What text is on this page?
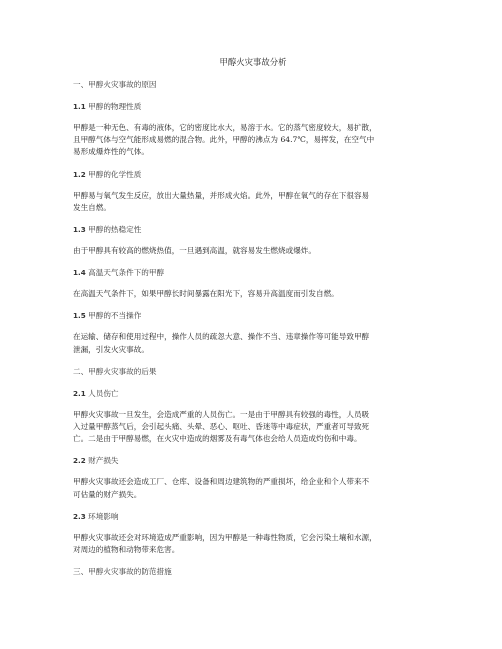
甲醇火灾事故分析
一、甲醇火灾事故的原因
1.1 甲醇的物理性质
甲醇是一种无色、有毒的液体，它的密度比水大，易溶于水。它的蒸气密度较大，易扩散，
且甲醇气体与空气能形成易燃的混合物。此外，甲醇的沸点为 64.7℃，易挥发，在空气中
易形成爆炸性的气体。
1.2 甲醇的化学性质
甲醇易与氧气发生反应，放出大量热量，并形成火焰。此外，甲醇在氧气的存在下很容易
发生自燃。
1.3 甲醇的热稳定性
由于甲醇具有较高的燃烧热值，一旦遇到高温，就容易发生燃烧或爆炸。
1.4 高温天气条件下的甲醇
在高温天气条件下，如果甲醇长时间暴露在阳光下，容易升高温度而引发自燃。
1.5 甲醇的不当操作
在运输、储存和使用过程中，操作人员的疏忽大意、操作不当、违章操作等可能导致甲醇
泄漏，引发火灾事故。
二、甲醇火灾事故的后果
2.1 人员伤亡
甲醇火灾事故一旦发生，会造成严重的人员伤亡。一是由于甲醇具有较强的毒性，人员吸
入过量甲醇蒸气后，会引起头痛、头晕、恶心、呕吐、昏迷等中毒症状，严重者可导致死
亡。二是由于甲醇易燃，在火灾中造成的烟雾及有毒气体也会给人员造成灼伤和中毒。
2.2 财产损失
甲醇火灾事故还会造成工厂、仓库、设备和周边建筑物的严重损坏，给企业和个人带来不
可估量的财产损失。
2.3 环境影响
甲醇火灾事故还会对环境造成严重影响，因为甲醇是一种毒性物质，它会污染土壤和水源，
对周边的植物和动物带来危害。
三、甲醇火灾事故的防范措施
